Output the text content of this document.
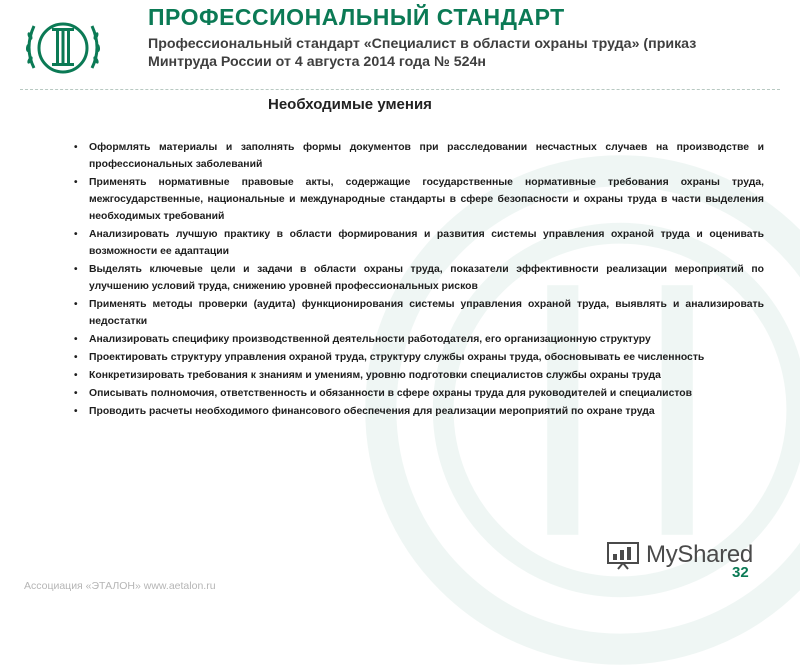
ПРОФЕССИОНАЛЬНЫЙ СТАНДАРТ

Профессиональный стандарт «Специалист в области охраны труда» (приказ Минтруда России от 4 августа 2014 года № 524н

Необходимые умения
• Оформлять материалы и заполнять формы документов при расследовании несчастных случаев на производстве и профессиональных заболеваний
• Применять нормативные правовые акты, содержащие государственные нормативные требования охраны труда, межгосударственные, национальные и международные стандарты в сфере безопасности и охраны труда в части выделения необходимых требований
• Анализировать лучшую практику в области формирования и развития системы управления охраной труда и оценивать возможности ее адаптации
• Выделять ключевые цели и задачи в области охраны труда, показатели эффективности реализации мероприятий по улучшению условий труда, снижению уровней профессиональных рисков
• Применять методы проверки (аудита) функционирования системы управления охраной труда, выявлять и анализировать недостатки
• Анализировать специфику производственной деятельности работодателя, его организационную структуру
• Проектировать структуру управления охраной труда, структуру службы охраны труда, обосновывать ее численность
• Конкретизировать требования к знаниям и умениям, уровню подготовки специалистов службы охраны труда
• Описывать полномочия, ответственность и обязанности в сфере охраны труда для руководителей и специалистов
• Проводить расчеты необходимого финансового обеспечения для реализации мероприятий по охране труда
MyShared
32
Ассоциация «ЭТАЛОН» www.aetalon.ru
